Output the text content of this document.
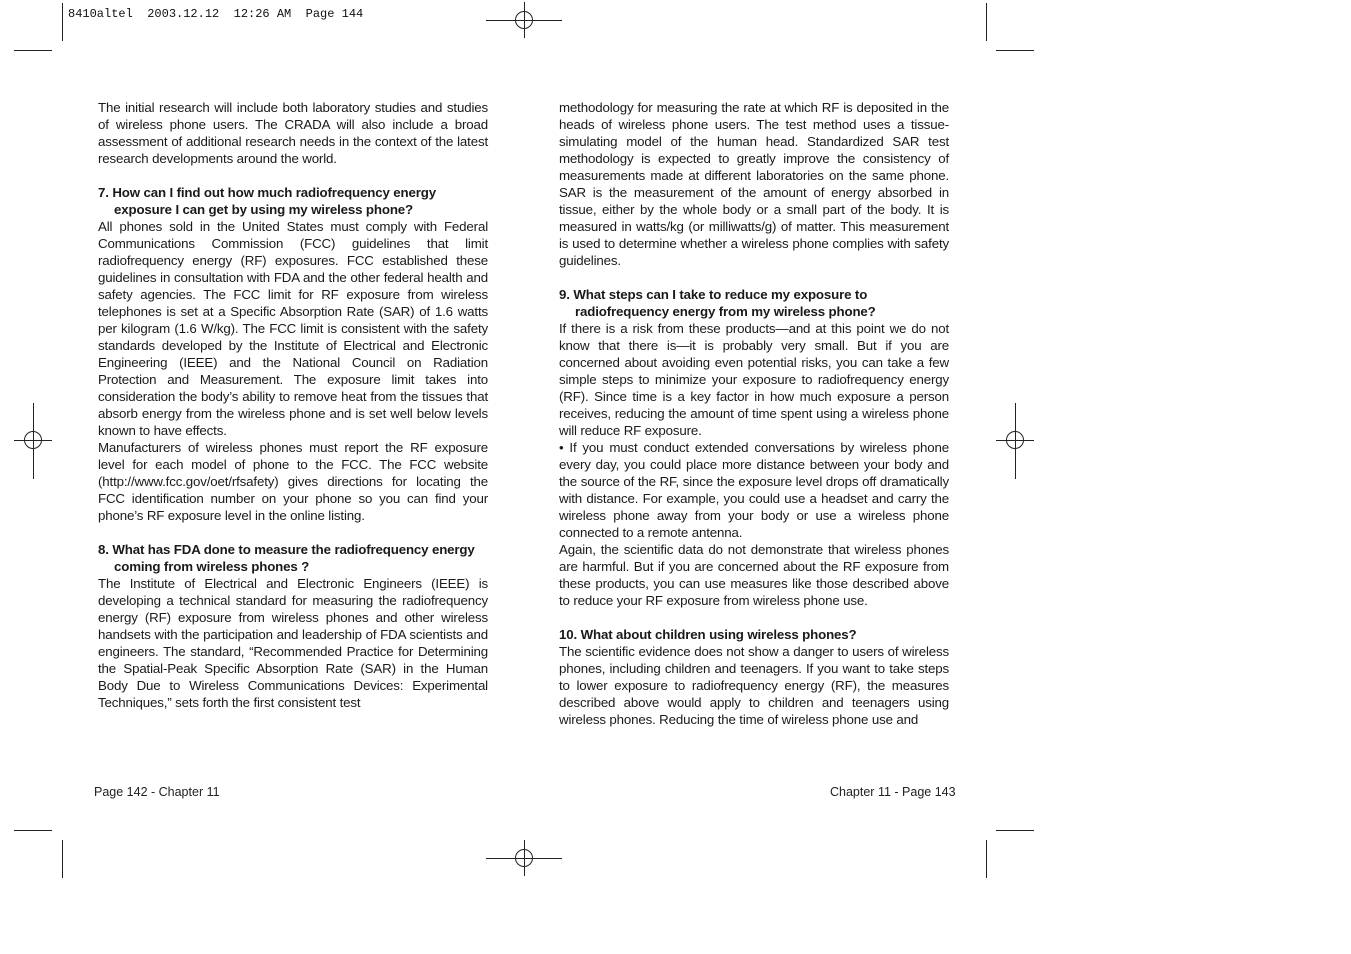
8410altel  2003.12.12  12:26 AM  Page 144

The initial research will include both laboratory studies and studies of wireless phone users. The CRADA will also include a broad assessment of additional research needs in the context of the latest research developments around the world.

7. How can I find out how much radiofrequency energy exposure I can get by using my wireless phone?

All phones sold in the United States must comply with Federal Communications Commission (FCC) guidelines that limit radiofrequency energy (RF) exposures. FCC established these guidelines in consultation with FDA and the other federal health and safety agencies. The FCC limit for RF exposure from wireless telephones is set at a Specific Absorption Rate (SAR) of 1.6 watts per kilogram (1.6 W/kg). The FCC limit is consistent with the safety standards developed by the Institute of Electrical and Electronic Engineering (IEEE) and the National Council on Radiation Protection and Measurement. The exposure limit takes into consideration the body’s ability to remove heat from the tissues that absorb energy from the wireless phone and is set well below levels known to have effects.

Manufacturers of wireless phones must report the RF exposure level for each model of phone to the FCC. The FCC website (http://www.fcc.gov/oet/rfsafety) gives directions for locating the FCC identification number on your phone so you can find your phone’s RF exposure level in the online listing.

8. What has FDA done to measure the radiofrequency energy coming from wireless phones ?

The Institute of Electrical and Electronic Engineers (IEEE) is developing a technical standard for measuring the radiofrequency energy (RF) exposure from wireless phones and other wireless handsets with the participation and leadership of FDA scientists and engineers. The standard, “Recommended Practice for Determining the Spatial-Peak Specific Absorption Rate (SAR) in the Human Body Due to Wireless Communications Devices: Experimental Techniques,” sets forth the first consistent test

methodology for measuring the rate at which RF is deposited in the heads of wireless phone users. The test method uses a tissue-simulating model of the human head. Standardized SAR test methodology is expected to greatly improve the consistency of measurements made at different laboratories on the same phone. SAR is the measurement of the amount of energy absorbed in tissue, either by the whole body or a small part of the body. It is measured in watts/kg (or milliwatts/g) of matter. This measurement is used to determine whether a wireless phone complies with safety guidelines.

9. What steps can I take to reduce my exposure to radiofrequency energy from my wireless phone?

If there is a risk from these products—and at this point we do not know that there is—it is probably very small. But if you are concerned about avoiding even potential risks, you can take a few simple steps to minimize your exposure to radiofrequency energy (RF). Since time is a key factor in how much exposure a person receives, reducing the amount of time spent using a wireless phone will reduce RF exposure.

• If you must conduct extended conversations by wireless phone every day, you could place more distance between your body and the source of the RF, since the exposure level drops off dramatically with distance. For example, you could use a headset and carry the wireless phone away from your body or use a wireless phone connected to a remote antenna.

Again, the scientific data do not demonstrate that wireless phones are harmful. But if you are concerned about the RF exposure from these products, you can use measures like those described above to reduce your RF exposure from wireless phone use.

10. What about children using wireless phones?

The scientific evidence does not show a danger to users of wireless phones, including children and teenagers. If you want to take steps to lower exposure to radiofrequency energy (RF), the measures described above would apply to children and teenagers using wireless phones. Reducing the time of wireless phone use and

Page 142 - Chapter 11	Chapter 11 - Page 143
